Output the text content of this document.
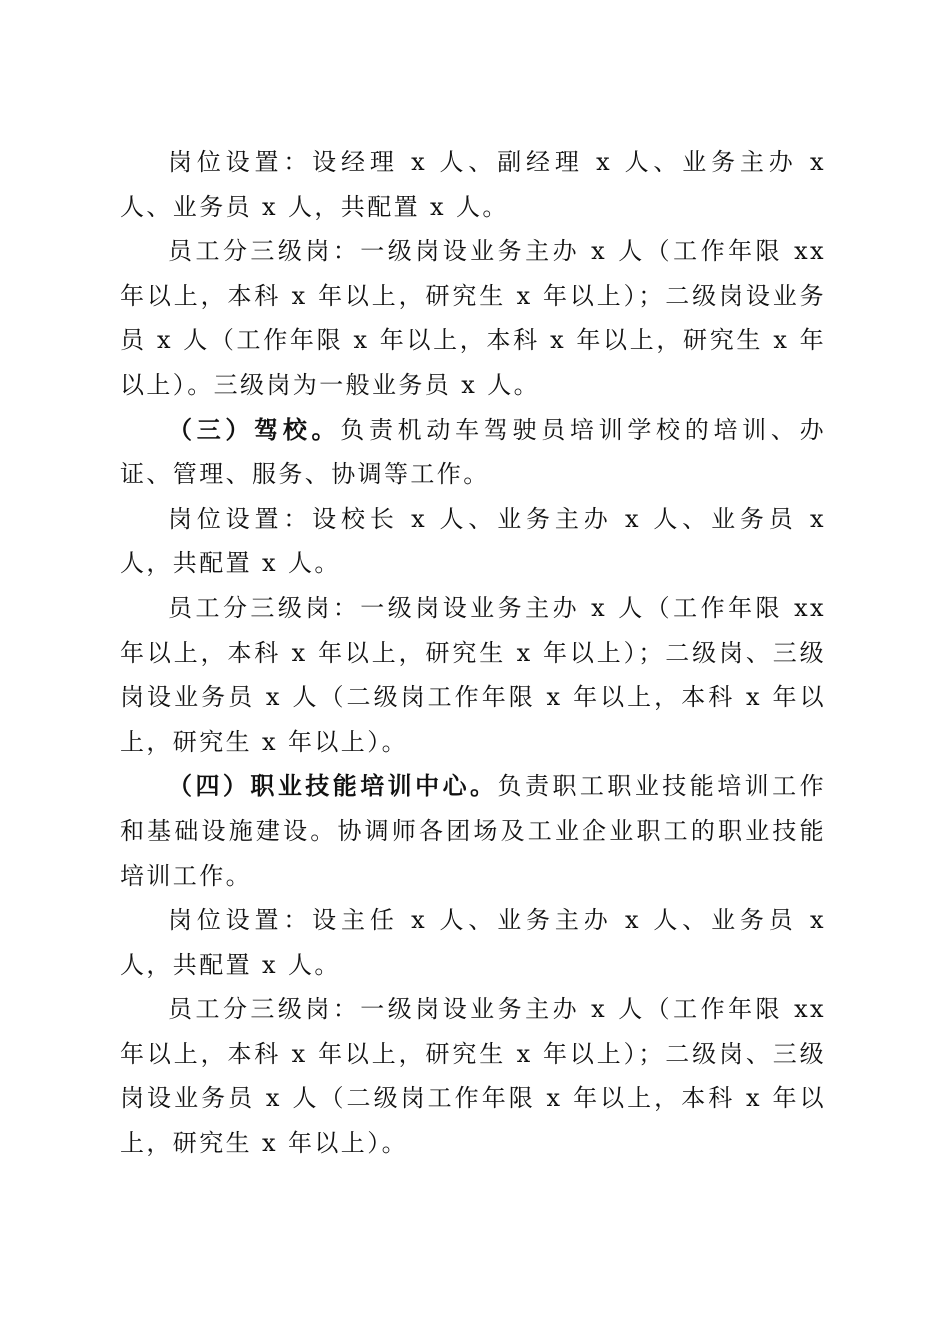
岗位设置：设经理 x 人、副经理 x 人、业务主办 x 人、业务员 x 人，共配置 x 人。

员工分三级岗：一级岗设业务主办 x 人（工作年限 xx 年以上，本科 x 年以上，研究生 x 年以上）；二级岗设业务员 x 人（工作年限 x 年以上，本科 x 年以上，研究生 x 年以上）。三级岗为一般业务员 x 人。

（三）驾校。负责机动车驾驶员培训学校的培训、办证、管理、服务、协调等工作。

岗位设置：设校长 x 人、业务主办 x 人、业务员 x 人，共配置 x 人。

员工分三级岗：一级岗设业务主办 x 人（工作年限 xx 年以上，本科 x 年以上，研究生 x 年以上）；二级岗、三级岗设业务员 x 人（二级岗工作年限 x 年以上，本科 x 年以上，研究生 x 年以上）。

（四）职业技能培训中心。负责职工职业技能培训工作和基础设施建设。协调师各团场及工业企业职工的职业技能培训工作。

岗位设置：设主任 x 人、业务主办 x 人、业务员 x 人，共配置 x 人。

员工分三级岗：一级岗设业务主办 x 人（工作年限 xx 年以上，本科 x 年以上，研究生 x 年以上）；二级岗、三级岗设业务员 x 人（二级岗工作年限 x 年以上，本科 x 年以上，研究生 x 年以上）。
